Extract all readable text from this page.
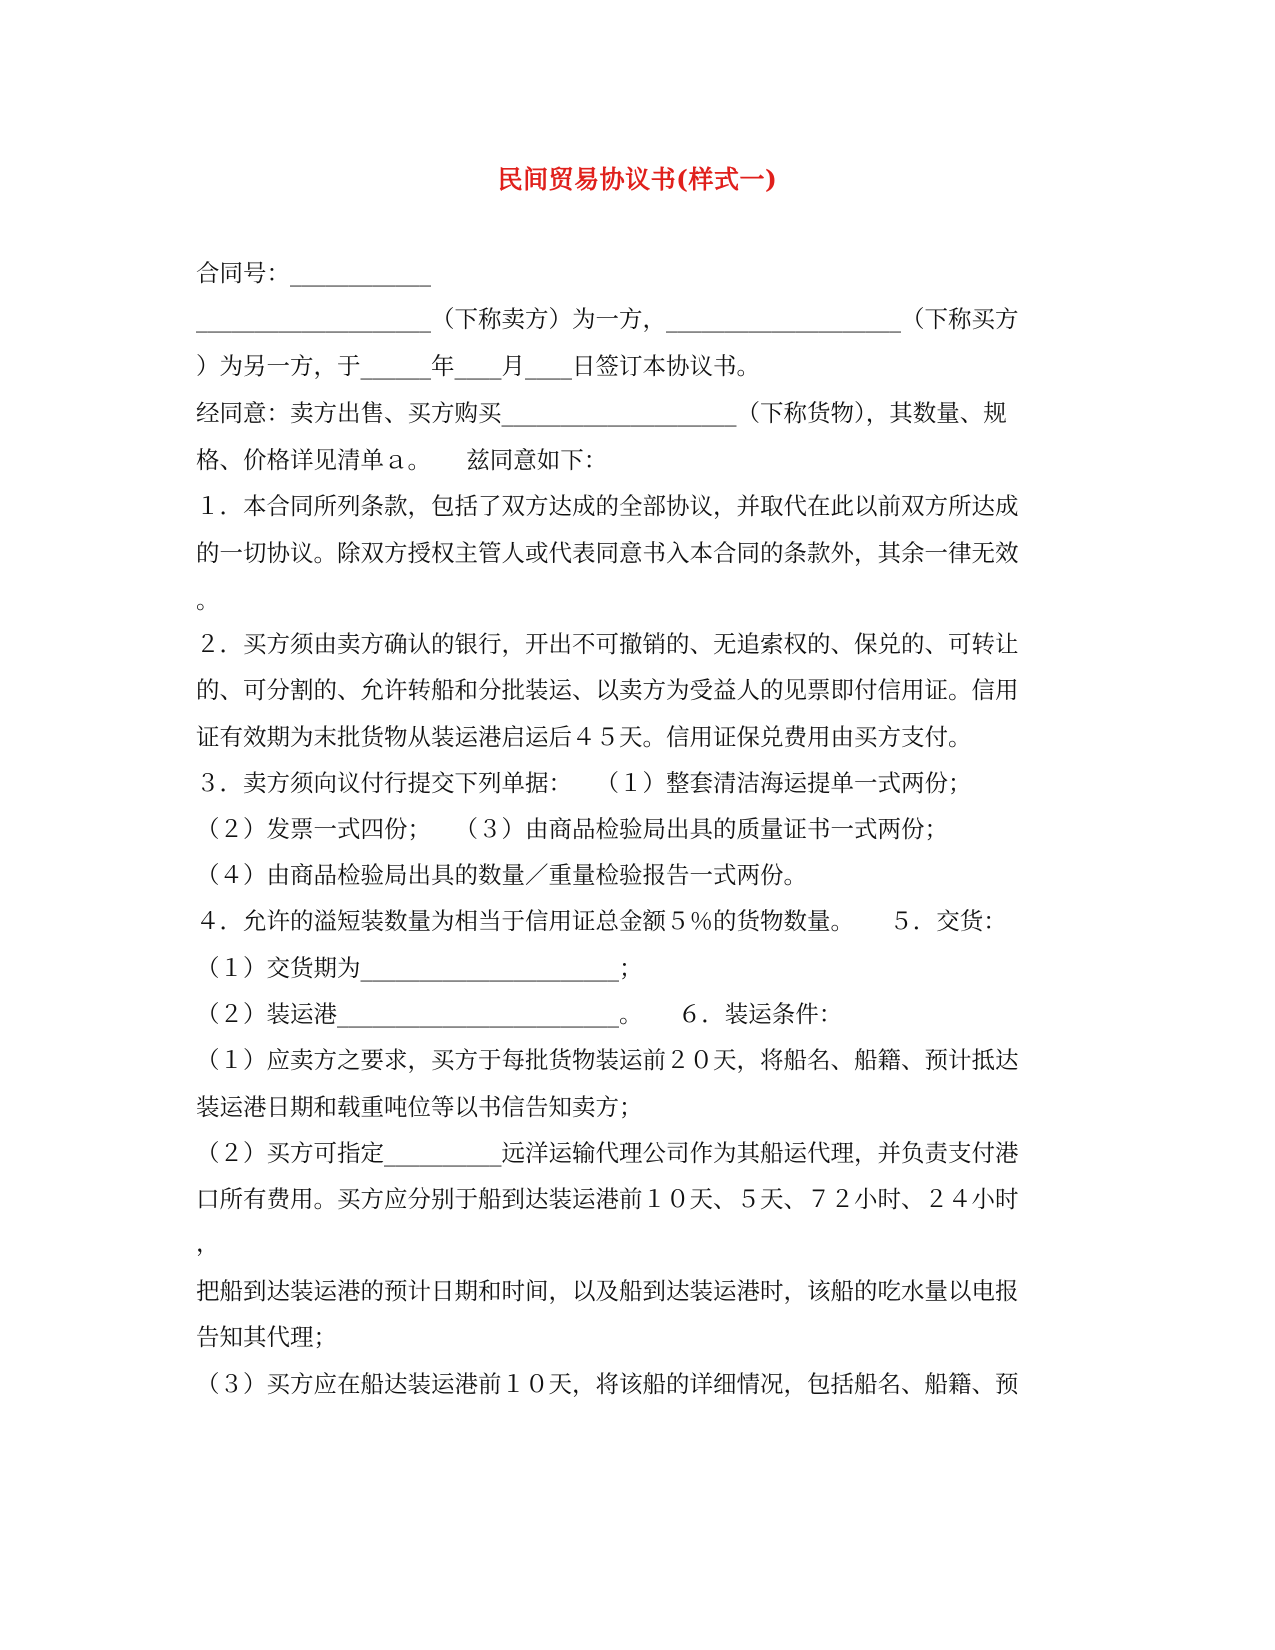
民间贸易协议书(样式一)
合同号：____________
____________________（下称卖方）为一方，____________________（下称买方
）为另一方，于______年____月____日签订本协议书。
经同意：卖方出售、买方购买____________________（下称货物），其数量、规
格、价格详见清单ａ。　　兹同意如下：
１．本合同所列条款，包括了双方达成的全部协议，并取代在此以前双方所达成
的一切协议。除双方授权主管人或代表同意书入本合同的条款外，其余一律无效
。
２．买方须由卖方确认的银行，开出不可撤销的、无追索权的、保兑的、可转让
的、可分割的、允许转船和分批装运、以卖方为受益人的见票即付信用证。信用
证有效期为末批货物从装运港启运后４５天。信用证保兑费用由买方支付。
３．卖方须向议付行提交下列单据：　　（１）整套清洁海运提单一式两份；
（２）发票一式四份；　　（３）由商品检验局出具的质量证书一式两份；
（４）由商品检验局出具的数量／重量检验报告一式两份。
４．允许的溢短装数量为相当于信用证总金额５％的货物数量。　　５．交货：
（１）交货期为______________________；
（２）装运港________________________。　　６．装运条件：
（１）应卖方之要求，买方于每批货物装运前２０天，将船名、船籍、预计抵达
装运港日期和载重吨位等以书信告知卖方；
（２）买方可指定__________远洋运输代理公司作为其船运代理，并负责支付港
口所有费用。买方应分别于船到达装运港前１０天、５天、７２小时、２４小时
，
把船到达装运港的预计日期和时间，以及船到达装运港时，该船的吃水量以电报
告知其代理；
（３）买方应在船达装运港前１０天，将该船的详细情况，包括船名、船籍、预
